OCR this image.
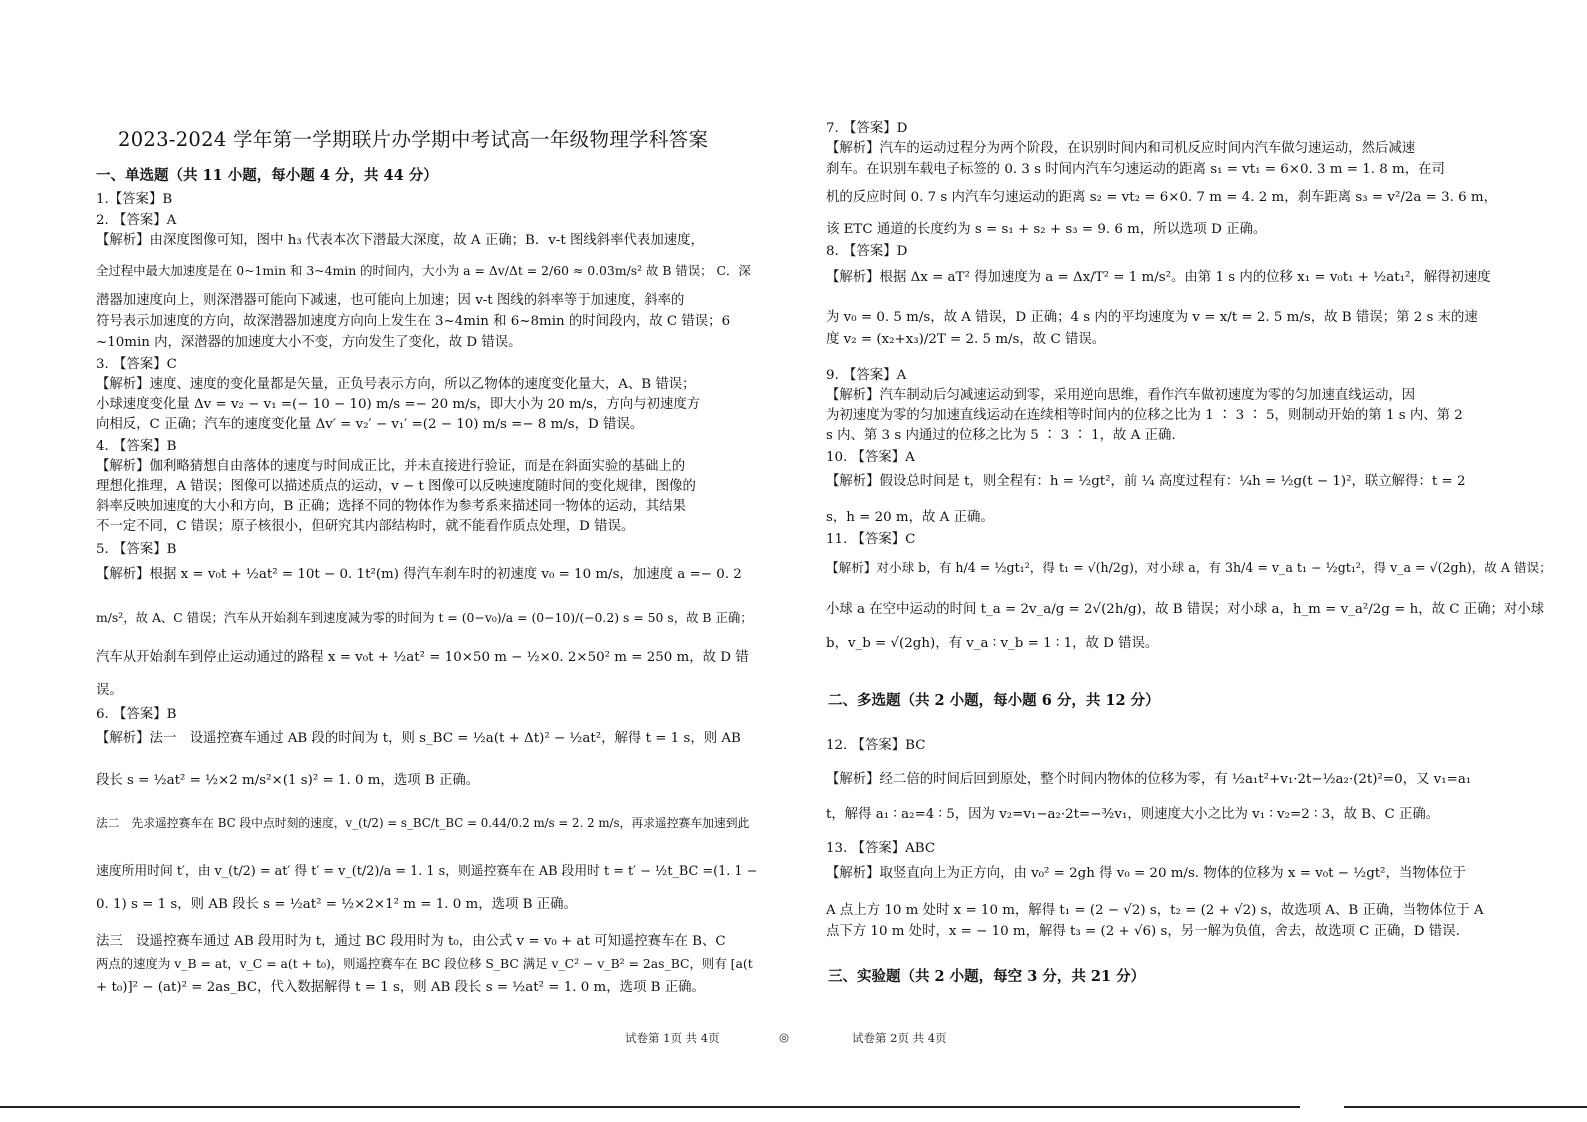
2023-2024 学年第一学期联片办学期中考试高一年级物理学科答案
一、单选题（共 11 小题，每小题 4 分，共 44 分）
二、多选题（共 2 小题，每小题 6 分，共 12 分）
三、实验题（共 2 小题，每空 3 分，共 21 分）
1.【答案】B
2. 【答案】A
【解析】由深度图像可知，图中 h₃ 代表本次下潜最大深度，故 A 正确；B．v-t 图线斜率代表加速度，
全过程中最大加速度是在 0~1min 和 3~4min 的时间内，大小为 a = Δv/Δt = 2/60 ≈ 0.03m/s² 故 B 错误； C．深
潜器加速度向上，则深潜器可能向下减速，也可能向上加速；因 v-t 图线的斜率等于加速度，斜率的
符号表示加速度的方向，故深潜器加速度方向向上发生在 3~4min 和 6~8min 的时间段内，故 C 错误；6
~10min 内，深潜器的加速度大小不变，方向发生了变化，故 D 错误。
3. 【答案】C
【解析】速度、速度的变化量都是矢量，正负号表示方向，所以乙物体的速度变化量大，A、B 错误；
小球速度变化量 Δv = v₂ − v₁ =(− 10 − 10) m/s =− 20 m/s，即大小为 20 m/s，方向与初速度方
向相反，C 正确；汽车的速度变化量 Δv′ = v₂′ − v₁′ =(2 − 10) m/s =− 8 m/s，D 错误。
4. 【答案】B
【解析】伽利略猜想自由落体的速度与时间成正比，并未直接进行验证，而是在斜面实验的基础上的
理想化推理，A 错误；图像可以描述质点的运动，v − t 图像可以反映速度随时间的变化规律，图像的
斜率反映加速度的大小和方向，B 正确；选择不同的物体作为参考系来描述同一物体的运动，其结果
不一定不同，C 错误；原子核很小，但研究其内部结构时，就不能看作质点处理，D 错误。
5. 【答案】B
【解析】根据 x = v₀t + ½at² = 10t − 0. 1t²(m) 得汽车刹车时的初速度 v₀ = 10 m/s，加速度 a =− 0. 2
m/s²，故 A、C 错误；汽车从开始刹车到速度减为零的时间为 t = (0−v₀)/a = (0−10)/(−0.2) s = 50 s，故 B 正确；
汽车从开始刹车到停止运动通过的路程 x = v₀t + ½at² = 10×50 m − ½×0. 2×50² m = 250 m，故 D 错
误。
6. 【答案】B
【解析】法一　设遥控赛车通过 AB 段的时间为 t，则 s_BC = ½a(t + Δt)² − ½at²，解得 t = 1 s，则 AB
段长 s = ½at² = ½×2 m/s²×(1 s)² = 1. 0 m，选项 B 正确。
法二　先求遥控赛车在 BC 段中点时刻的速度，v_(t/2) = s_BC/t_BC = 0.44/0.2 m/s = 2. 2 m/s，再求遥控赛车加速到此
速度所用时间 t′，由 v_(t/2) = at′ 得 t′ = v_(t/2)/a = 1. 1 s，则遥控赛车在 AB 段用时 t = t′ − ½t_BC =(1. 1 −
0. 1) s = 1 s，则 AB 段长 s = ½at² = ½×2×1² m = 1. 0 m，选项 B 正确。
法三　设遥控赛车通过 AB 段用时为 t，通过 BC 段用时为 t₀，由公式 v = v₀ + at 可知遥控赛车在 B、C
两点的速度为 v_B = at，v_C = a(t + t₀)，则遥控赛车在 BC 段位移 S_BC 满足 v_C² − v_B² = 2as_BC，则有 [a(t
+ t₀)]² − (at)² = 2as_BC，代入数据解得 t = 1 s，则 AB 段长 s = ½at² = 1. 0 m，选项 B 正确。
7. 【答案】D
【解析】汽车的运动过程分为两个阶段，在识别时间内和司机反应时间内汽车做匀速运动，然后减速
刹车。在识别车载电子标签的 0. 3 s 时间内汽车匀速运动的距离 s₁ = vt₁ = 6×0. 3 m = 1. 8 m，在司
机的反应时间 0. 7 s 内汽车匀速运动的距离 s₂ = vt₂ = 6×0. 7 m = 4. 2 m，刹车距离 s₃ = v²/2a = 3. 6 m，
该 ETC 通道的长度约为 s = s₁ + s₂ + s₃ = 9. 6 m，所以选项 D 正确。
8. 【答案】D
【解析】根据 Δx = aT² 得加速度为 a = Δx/T² = 1 m/s²。由第 1 s 内的位移 x₁ = v₀t₁ + ½at₁²，解得初速度
为 v₀ = 0. 5 m/s，故 A 错误，D 正确；4 s 内的平均速度为 v = x/t = 2. 5 m/s，故 B 错误；第 2 s 末的速
度 v₂ = (x₂+x₃)/2T = 2. 5 m/s，故 C 错误。
9. 【答案】A
【解析】汽车制动后匀减速运动到零，采用逆向思维，看作汽车做初速度为零的匀加速直线运动，因
为初速度为零的匀加速直线运动在连续相等时间内的位移之比为 1 ∶ 3 ∶ 5，则制动开始的第 1 s 内、第 2
s 内、第 3 s 内通过的位移之比为 5 ∶ 3 ∶ 1，故 A 正确.
10. 【答案】A
【解析】假设总时间是 t，则全程有：h = ½gt²，前 ¼ 高度过程有：¼h = ½g(t − 1)²，联立解得：t = 2
s，h = 20 m，故 A 正确。
11. 【答案】C
【解析】对小球 b，有 h/4 = ½gt₁²，得 t₁ = √(h/2g)，对小球 a，有 3h/4 = v_a t₁ − ½gt₁²，得 v_a = √(2gh)，故 A 错误；
小球 a 在空中运动的时间 t_a = 2v_a/g = 2√(2h/g)，故 B 错误；对小球 a，h_m = v_a²/2g = h，故 C 正确；对小球
b，v_b = √(2gh)，有 v_a ∶ v_b = 1 ∶ 1，故 D 错误。
12. 【答案】BC
【解析】经二倍的时间后回到原处，整个时间内物体的位移为零，有 ½a₁t²+v₁·2t−½a₂·(2t)²=0，又 v₁=a₁
t，解得 a₁ ∶ a₂=4 ∶ 5，因为 v₂=v₁−a₂·2t=−³⁄₂v₁，则速度大小之比为 v₁ ∶ v₂=2 ∶ 3，故 B、C 正确。
13. 【答案】ABC
【解析】取竖直向上为正方向，由 v₀² = 2gh 得 v₀ = 20 m/s. 物体的位移为 x = v₀t − ½gt²，当物体位于
A 点上方 10 m 处时 x = 10 m，解得 t₁ = (2 − √2) s，t₂ = (2 + √2) s，故选项 A、B 正确，当物体位于 A
点下方 10 m 处时，x = − 10 m，解得 t₃ = (2 + √6) s，另一解为负值，舍去，故选项 C 正确，D 错误.
试卷第 1页 共 4页	◎	试卷第 2页 共 4页
